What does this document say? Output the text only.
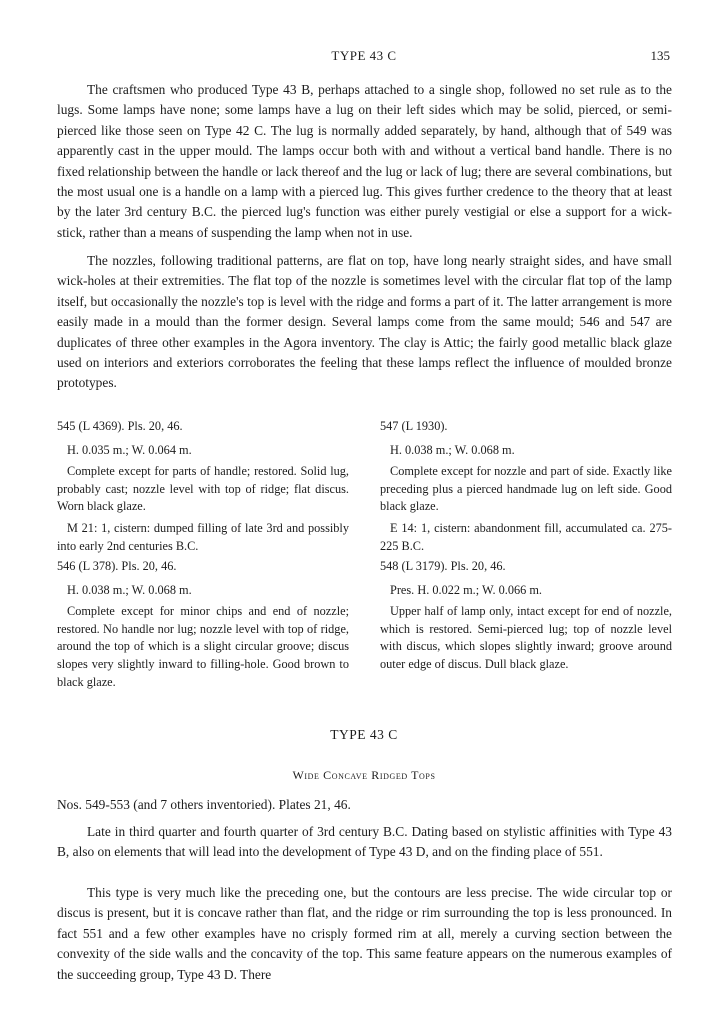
TYPE 43 C	135

The craftsmen who produced Type 43 B, perhaps attached to a single shop, followed no set rule as to the lugs. Some lamps have none; some lamps have a lug on their left sides which may be solid, pierced, or semi-pierced like those seen on Type 42 C. The lug is normally added separately, by hand, although that of 549 was apparently cast in the upper mould. The lamps occur both with and without a vertical band handle. There is no fixed relationship between the handle or lack thereof and the lug or lack of lug; there are several combinations, but the most usual one is a handle on a lamp with a pierced lug. This gives further credence to the theory that at least by the later 3rd century B.C. the pierced lug's function was either purely vestigial or else a support for a wick-stick, rather than a means of suspending the lamp when not in use.

The nozzles, following traditional patterns, are flat on top, have long nearly straight sides, and have small wick-holes at their extremities. The flat top of the nozzle is sometimes level with the circular flat top of the lamp itself, but occasionally the nozzle's top is level with the ridge and forms a part of it. The latter arrangement is more easily made in a mould than the former design. Several lamps come from the same mould; 546 and 547 are duplicates of three other examples in the Agora inventory. The clay is Attic; the fairly good metallic black glaze used on interiors and exteriors corroborates the feeling that these lamps reflect the influence of moulded bronze prototypes.

545 (L 4369). Pls. 20, 46.
H. 0.035 m.; W. 0.064 m.
Complete except for parts of handle; restored. Solid lug, probably cast; nozzle level with top of ridge; flat discus. Worn black glaze.
M 21: 1, cistern: dumped filling of late 3rd and possibly into early 2nd centuries B.C.
546 (L 378). Pls. 20, 46.
H. 0.038 m.; W. 0.068 m.
Complete except for minor chips and end of nozzle; restored. No handle nor lug; nozzle level with top of ridge, around the top of which is a slight circular groove; discus slopes very slightly inward to filling-hole. Good brown to black glaze.
547 (L 1930).
H. 0.038 m.; W. 0.068 m.
Complete except for nozzle and part of side. Exactly like preceding plus a pierced handmade lug on left side. Good black glaze.
E 14: 1, cistern: abandonment fill, accumulated ca. 275-225 B.C.
548 (L 3179). Pls. 20, 46.
Pres. H. 0.022 m.; W. 0.066 m.
Upper half of lamp only, intact except for end of nozzle, which is restored. Semi-pierced lug; top of nozzle level with discus, which slopes slightly inward; groove around outer edge of discus. Dull black glaze.
TYPE 43 C
Wide Concave Ridged Tops
Nos. 549-553 (and 7 others inventoried). Plates 21, 46.

Late in third quarter and fourth quarter of 3rd century B.C. Dating based on stylistic affinities with Type 43 B, also on elements that will lead into the development of Type 43 D, and on the finding place of 551.

This type is very much like the preceding one, but the contours are less precise. The wide circular top or discus is present, but it is concave rather than flat, and the ridge or rim surrounding the top is less pronounced. In fact 551 and a few other examples have no crisply formed rim at all, merely a curving section between the convexity of the side walls and the concavity of the top. This same feature appears on the numerous examples of the succeeding group, Type 43 D. There
